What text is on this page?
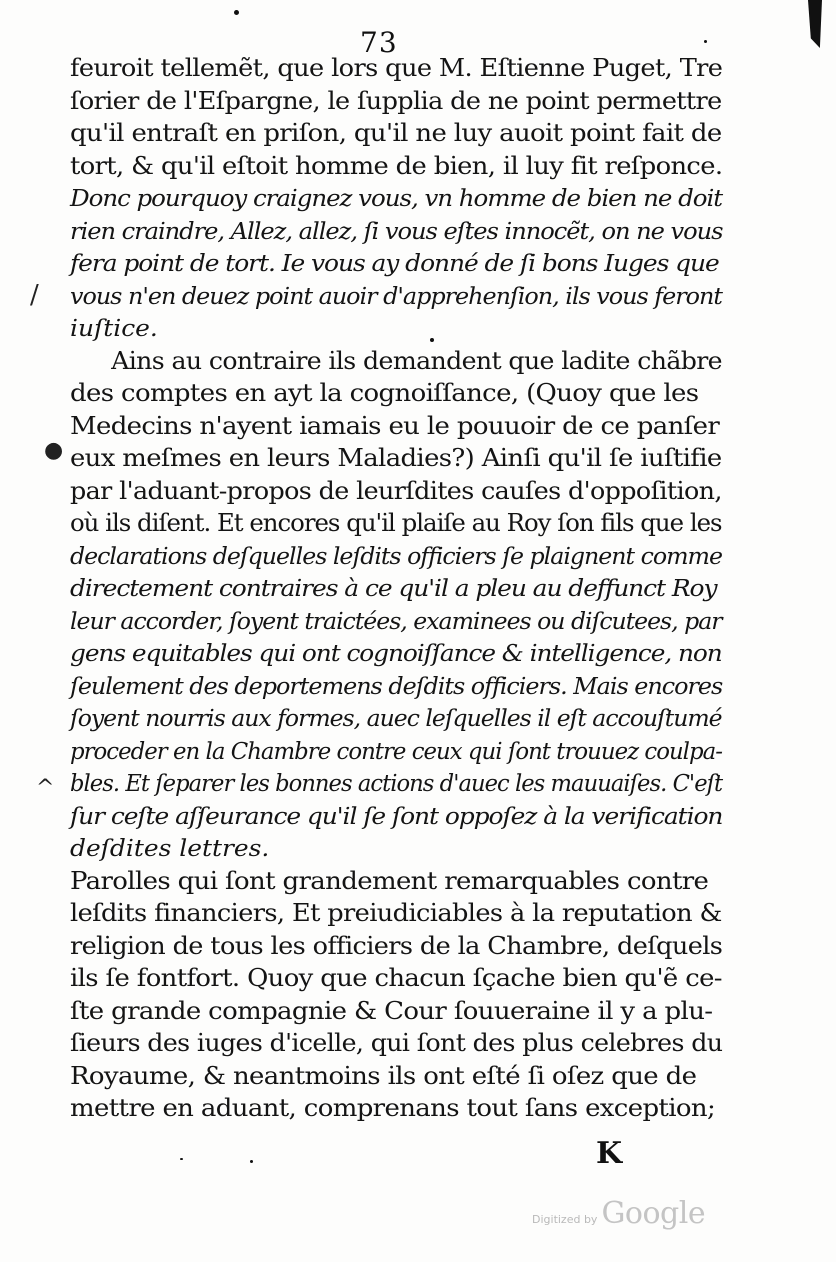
/
●
^
73
feuroit tellemẽt, que lors que M. Eſtienne Puget, Tre
ſorier de l'Eſpargne, le ſupplia de ne point permettre
qu'il entraſt en priſon, qu'il ne luy auoit point fait de
tort, & qu'il eſtoit homme de bien, il luy fit reſponce.
Donc pourquoy craignez vous, vn homme de bien ne doit
rien craindre, Allez, allez, ſi vous eſtes innocẽt, on ne vous
fera point de tort. Ie vous ay donné de ſi bons Iuges que
vous n'en deuez point auoir d'apprehenſion, ils vous feront
iuſtice.
Ains au contraire ils demandent que ladite chãbre
des comptes en ayt la cognoiſſance, (Quoy que les
Medecins n'ayent iamais eu le pouuoir de ce panſer
eux meſmes en leurs Maladies?) Ainſi qu'il ſe iuſtifie
par l'aduant-propos de leurſdites cauſes d'oppoſition,
où ils diſent. Et encores qu'il plaiſe au Roy ſon fils que les
declarations deſquelles leſdits officiers ſe plaignent comme
directement contraires à ce qu'il a pleu au deffunct Roy
leur accorder, ſoyent traictées, examinees ou diſcutees, par
gens equitables qui ont cognoiſſance & intelligence, non
ſeulement des deportemens deſdits officiers. Mais encores
ſoyent nourris aux formes, auec leſquelles il eſt accouſtumé
proceder en la Chambre contre ceux qui ſont trouuez coulpa-
bles. Et ſeparer les bonnes actions d'auec les mauuaiſes. C'eſt
ſur ceſte aſſeurance qu'il ſe ſont oppoſez à la verification
deſdites lettres.
Parolles qui ſont grandement remarquables contre
leſdits financiers, Et preiudiciables à la reputation &
religion de tous les officiers de la Chambre, deſquels
ils ſe fontfort. Quoy que chacun ſçache bien qu'ẽ ce-
ſte grande compagnie & Cour ſouueraine il y a plu-
ſieurs des iuges d'icelle, qui ſont des plus celebres du
Royaume, & neantmoins ils ont eſté ſi oſez que de
mettre en aduant, comprenans tout ſans exception;
K
Digitized by Google
